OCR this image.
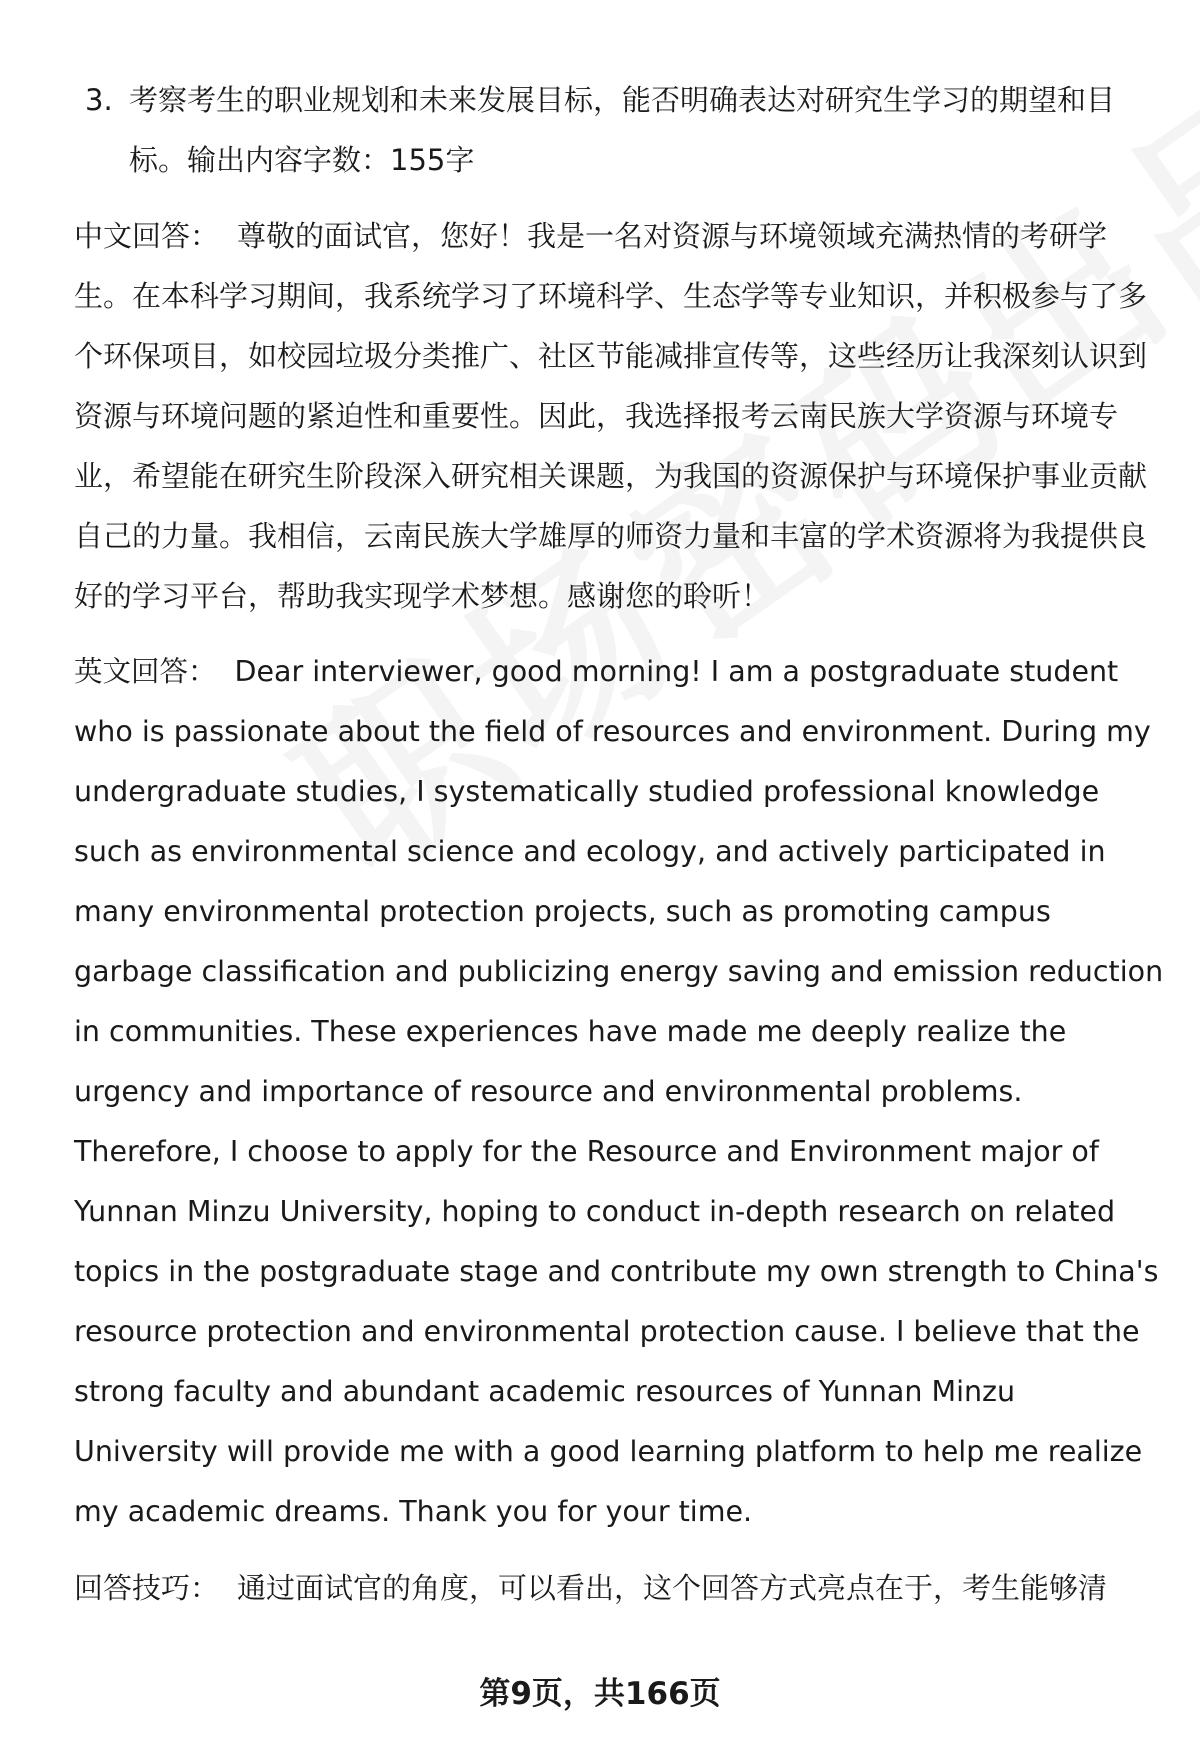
3. 考察考生的职业规划和未来发展目标，能否明确表达对研究生学习的期望和目标。输出内容字数：155字
中文回答： 尊敬的面试官，您好！我是一名对资源与环境领域充满热情的考研学生。在本科学习期间，我系统学习了环境科学、生态学等专业知识，并积极参与了多个环保项目，如校园垃圾分类推广、社区节能减排宣传等，这些经历让我深刻认识到资源与环境问题的紧迫性和重要性。因此，我选择报考云南民族大学资源与环境专业，希望能在研究生阶段深入研究相关课题，为我国的资源保护与环境保护事业贡献自己的力量。我相信，云南民族大学雄厚的师资力量和丰富的学术资源将为我提供良好的学习平台，帮助我实现学术梦想。感谢您的聆听！
英文回答： Dear interviewer, good morning! I am a postgraduate student who is passionate about the field of resources and environment. During my undergraduate studies, I systematically studied professional knowledge such as environmental science and ecology, and actively participated in many environmental protection projects, such as promoting campus garbage classification and publicizing energy saving and emission reduction in communities. These experiences have made me deeply realize the urgency and importance of resource and environmental problems. Therefore, I choose to apply for the Resource and Environment major of Yunnan Minzu University, hoping to conduct in-depth research on related topics in the postgraduate stage and contribute my own strength to China's resource protection and environmental protection cause. I believe that the strong faculty and abundant academic resources of Yunnan Minzu University will provide me with a good learning platform to help me realize my academic dreams. Thank you for your time.
回答技巧： 通过面试官的角度，可以看出，这个回答方式亮点在于，考生能够清
第9页，共166页
